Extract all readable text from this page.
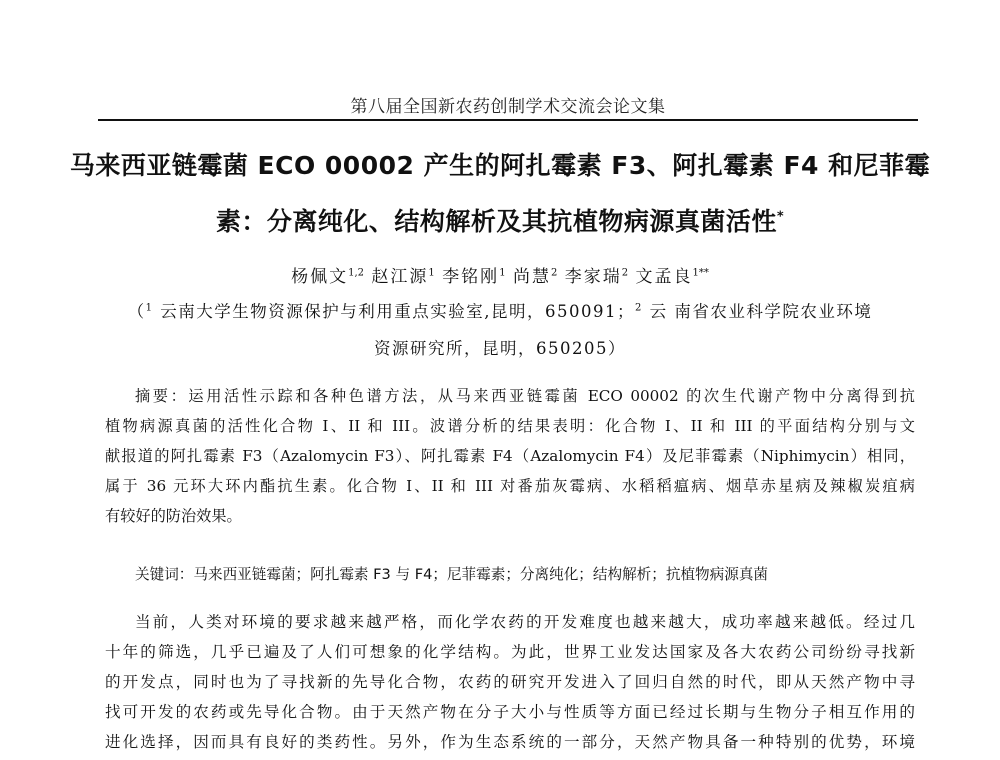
第八届全国新农药创制学术交流会论文集
马来西亚链霉菌 ECO 00002 产生的阿扎霉素 F3、阿扎霉素 F4 和尼菲霉
素：分离纯化、结构解析及其抗植物病源真菌活性*
杨佩文$^{1,2}$ 赵江源$^1$ 李铭刚$^1$ 尚慧$^2$ 李家瑞$^2$ 文孟良$^{1**}$
（$^1$ 云南大学生物资源保护与利用重点实验室,昆明，650091；$^2$ 云 南省农业科学院农业环境
资源研究所，昆明，650205）
摘要：运用活性示踪和各种色谱方法，从马来西亚链霉菌 ECO 00002 的次生代谢产物中分离得到抗
植物病源真菌的活性化合物 I、II 和 III。波谱分析的结果表明：化合物 I、II 和 III 的平面结构分别与文
献报道的阿扎霉素 F3（Azalomycin F3）、阿扎霉素 F4（Azalomycin F4）及尼菲霉素（Niphimycin）相同，
属于 36 元环大环内酯抗生素。化合物 I、II 和 III 对番茄灰霉病、水稻稻瘟病、烟草赤星病及辣椒炭疽病
有较好的防治效果。
关键词：马来西亚链霉菌；阿扎霉素 F3 与 F4；尼菲霉素；分离纯化；结构解析；抗植物病源真菌
当前，人类对环境的要求越来越严格，而化学农药的开发难度也越来越大，成功率越来越低。经过几
十年的筛选，几乎已遍及了人们可想象的化学结构。为此，世界工业发达国家及各大农药公司纷纷寻找新
的开发点，同时也为了寻找新的先导化合物，农药的研究开发进入了回归自然的时代，即从天然产物中寻
找可开发的农药或先导化合物。由于天然产物在分子大小与性质等方面已经过长期与生物分子相互作用的
进化选择，因而具有良好的类药性。另外，作为生态系统的一部分，天然产物具备一种特别的优势，环境
